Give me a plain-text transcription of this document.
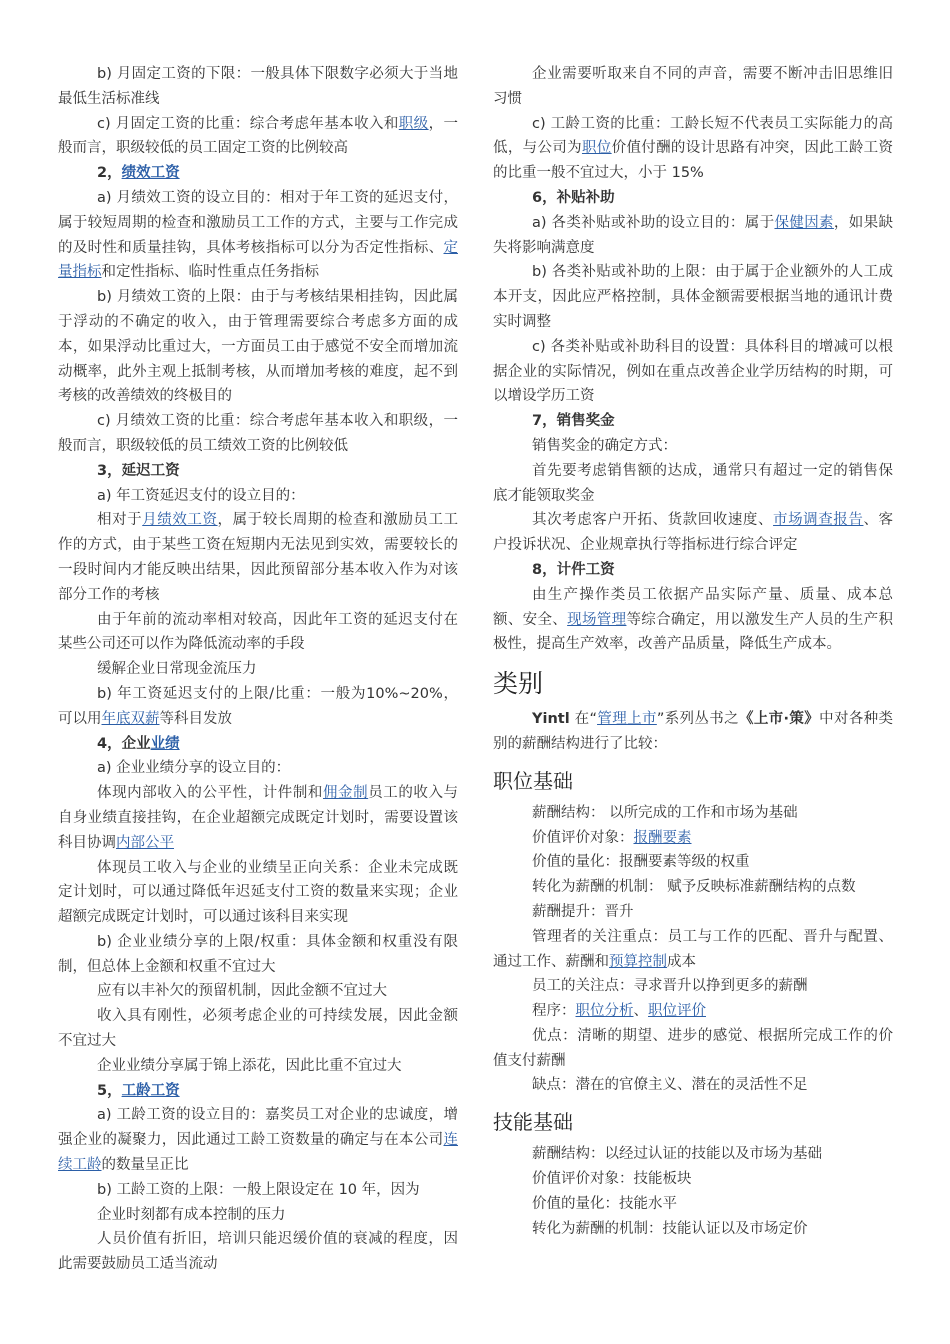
b) 月固定工资的下限：一般具体下限数字必须大于当地最低生活标准线

c) 月固定工资的比重：综合考虑年基本收入和职级，一般而言，职级较低的员工固定工资的比例较高

2，绩效工资

a) 月绩效工资的设立目的：相对于年工资的延迟支付，属于较短周期的检查和激励员工工作的方式，主要与工作完成的及时性和质量挂钩，具体考核指标可以分为否定性指标、定量指标和定性指标、临时性重点任务指标

b) 月绩效工资的上限：由于与考核结果相挂钩，因此属于浮动的不确定的收入，由于管理需要综合考虑多方面的成本，如果浮动比重过大，一方面员工由于感觉不安全而增加流动概率，此外主观上抵制考核，从而增加考核的难度，起不到考核的改善绩效的终极目的

c) 月绩效工资的比重：综合考虑年基本收入和职级，一般而言，职级较低的员工绩效工资的比例较低

3，延迟工资

a) 年工资延迟支付的设立目的：

相对于月绩效工资，属于较长周期的检查和激励员工工作的方式，由于某些工资在短期内无法见到实效，需要较长的一段时间内才能反映出结果，因此预留部分基本收入作为对该部分工作的考核

由于年前的流动率相对较高，因此年工资的延迟支付在某些公司还可以作为降低流动率的手段

缓解企业日常现金流压力

b) 年工资延迟支付的上限/比重：一般为10%~20%，可以用年底双薪等科目发放

4，企业业绩

a) 企业业绩分享的设立目的：

体现内部收入的公平性，计件制和佣金制员工的收入与自身业绩直接挂钩，在企业超额完成既定计划时，需要设置该科目协调内部公平

体现员工收入与企业的业绩呈正向关系：企业未完成既定计划时，可以通过降低年迟延支付工资的数量来实现；企业超额完成既定计划时，可以通过该科目来实现

b) 企业业绩分享的上限/权重：具体金额和权重没有限制，但总体上金额和权重不宜过大

应有以丰补欠的预留机制，因此金额不宜过大

收入具有刚性，必须考虑企业的可持续发展，因此金额不宜过大

企业业绩分享属于锦上添花，因此比重不宜过大

5，工龄工资

a) 工龄工资的设立目的：嘉奖员工对企业的忠诚度，增强企业的凝聚力，因此通过工龄工资数量的确定与在本公司连续工龄的数量呈正比

b) 工龄工资的上限：一般上限设定在 10 年，因为

企业时刻都有成本控制的压力

人员价值有折旧，培训只能迟缓价值的衰减的程度，因此需要鼓励员工适当流动

企业需要听取来自不同的声音，需要不断冲击旧思维旧习惯

c) 工龄工资的比重：工龄长短不代表员工实际能力的高低，与公司为职位价值付酬的设计思路有冲突，因此工龄工资的比重一般不宜过大，小于 15%

6，补贴补助

a) 各类补贴或补助的设立目的：属于保健因素，如果缺失将影响满意度

b) 各类补贴或补助的上限：由于属于企业额外的人工成本开支，因此应严格控制，具体金额需要根据当地的通讯计费实时调整

c) 各类补贴或补助科目的设置：具体科目的增减可以根据企业的实际情况，例如在重点改善企业学历结构的时期，可以增设学历工资

7，销售奖金

销售奖金的确定方式：

首先要考虑销售额的达成，通常只有超过一定的销售保底才能领取奖金

其次考虑客户开拓、货款回收速度、市场调查报告、客户投诉状况、企业规章执行等指标进行综合评定

8，计件工资

由生产操作类员工依据产品实际产量、质量、成本总额、安全、现场管理等综合确定，用以激发生产人员的生产积极性，提高生产效率，改善产品质量，降低生产成本。

类别

Yintl 在“管理上市”系列丛书之《上市·策》中对各种类别的薪酬结构进行了比较：

职位基础

薪酬结构： 以所完成的工作和市场为基础

价值评价对象：报酬要素

价值的量化：报酬要素等级的权重

转化为薪酬的机制： 赋予反映标准薪酬结构的点数

薪酬提升：晋升

管理者的关注重点：员工与工作的匹配、晋升与配置、通过工作、薪酬和预算控制成本

员工的关注点：寻求晋升以挣到更多的薪酬

程序：职位分析、职位评价

优点：清晰的期望、进步的感觉、根据所完成工作的价值支付薪酬

缺点：潜在的官僚主义、潜在的灵活性不足

技能基础

薪酬结构：以经过认证的技能以及市场为基础

价值评价对象：技能板块

价值的量化：技能水平

转化为薪酬的机制：技能认证以及市场定价
